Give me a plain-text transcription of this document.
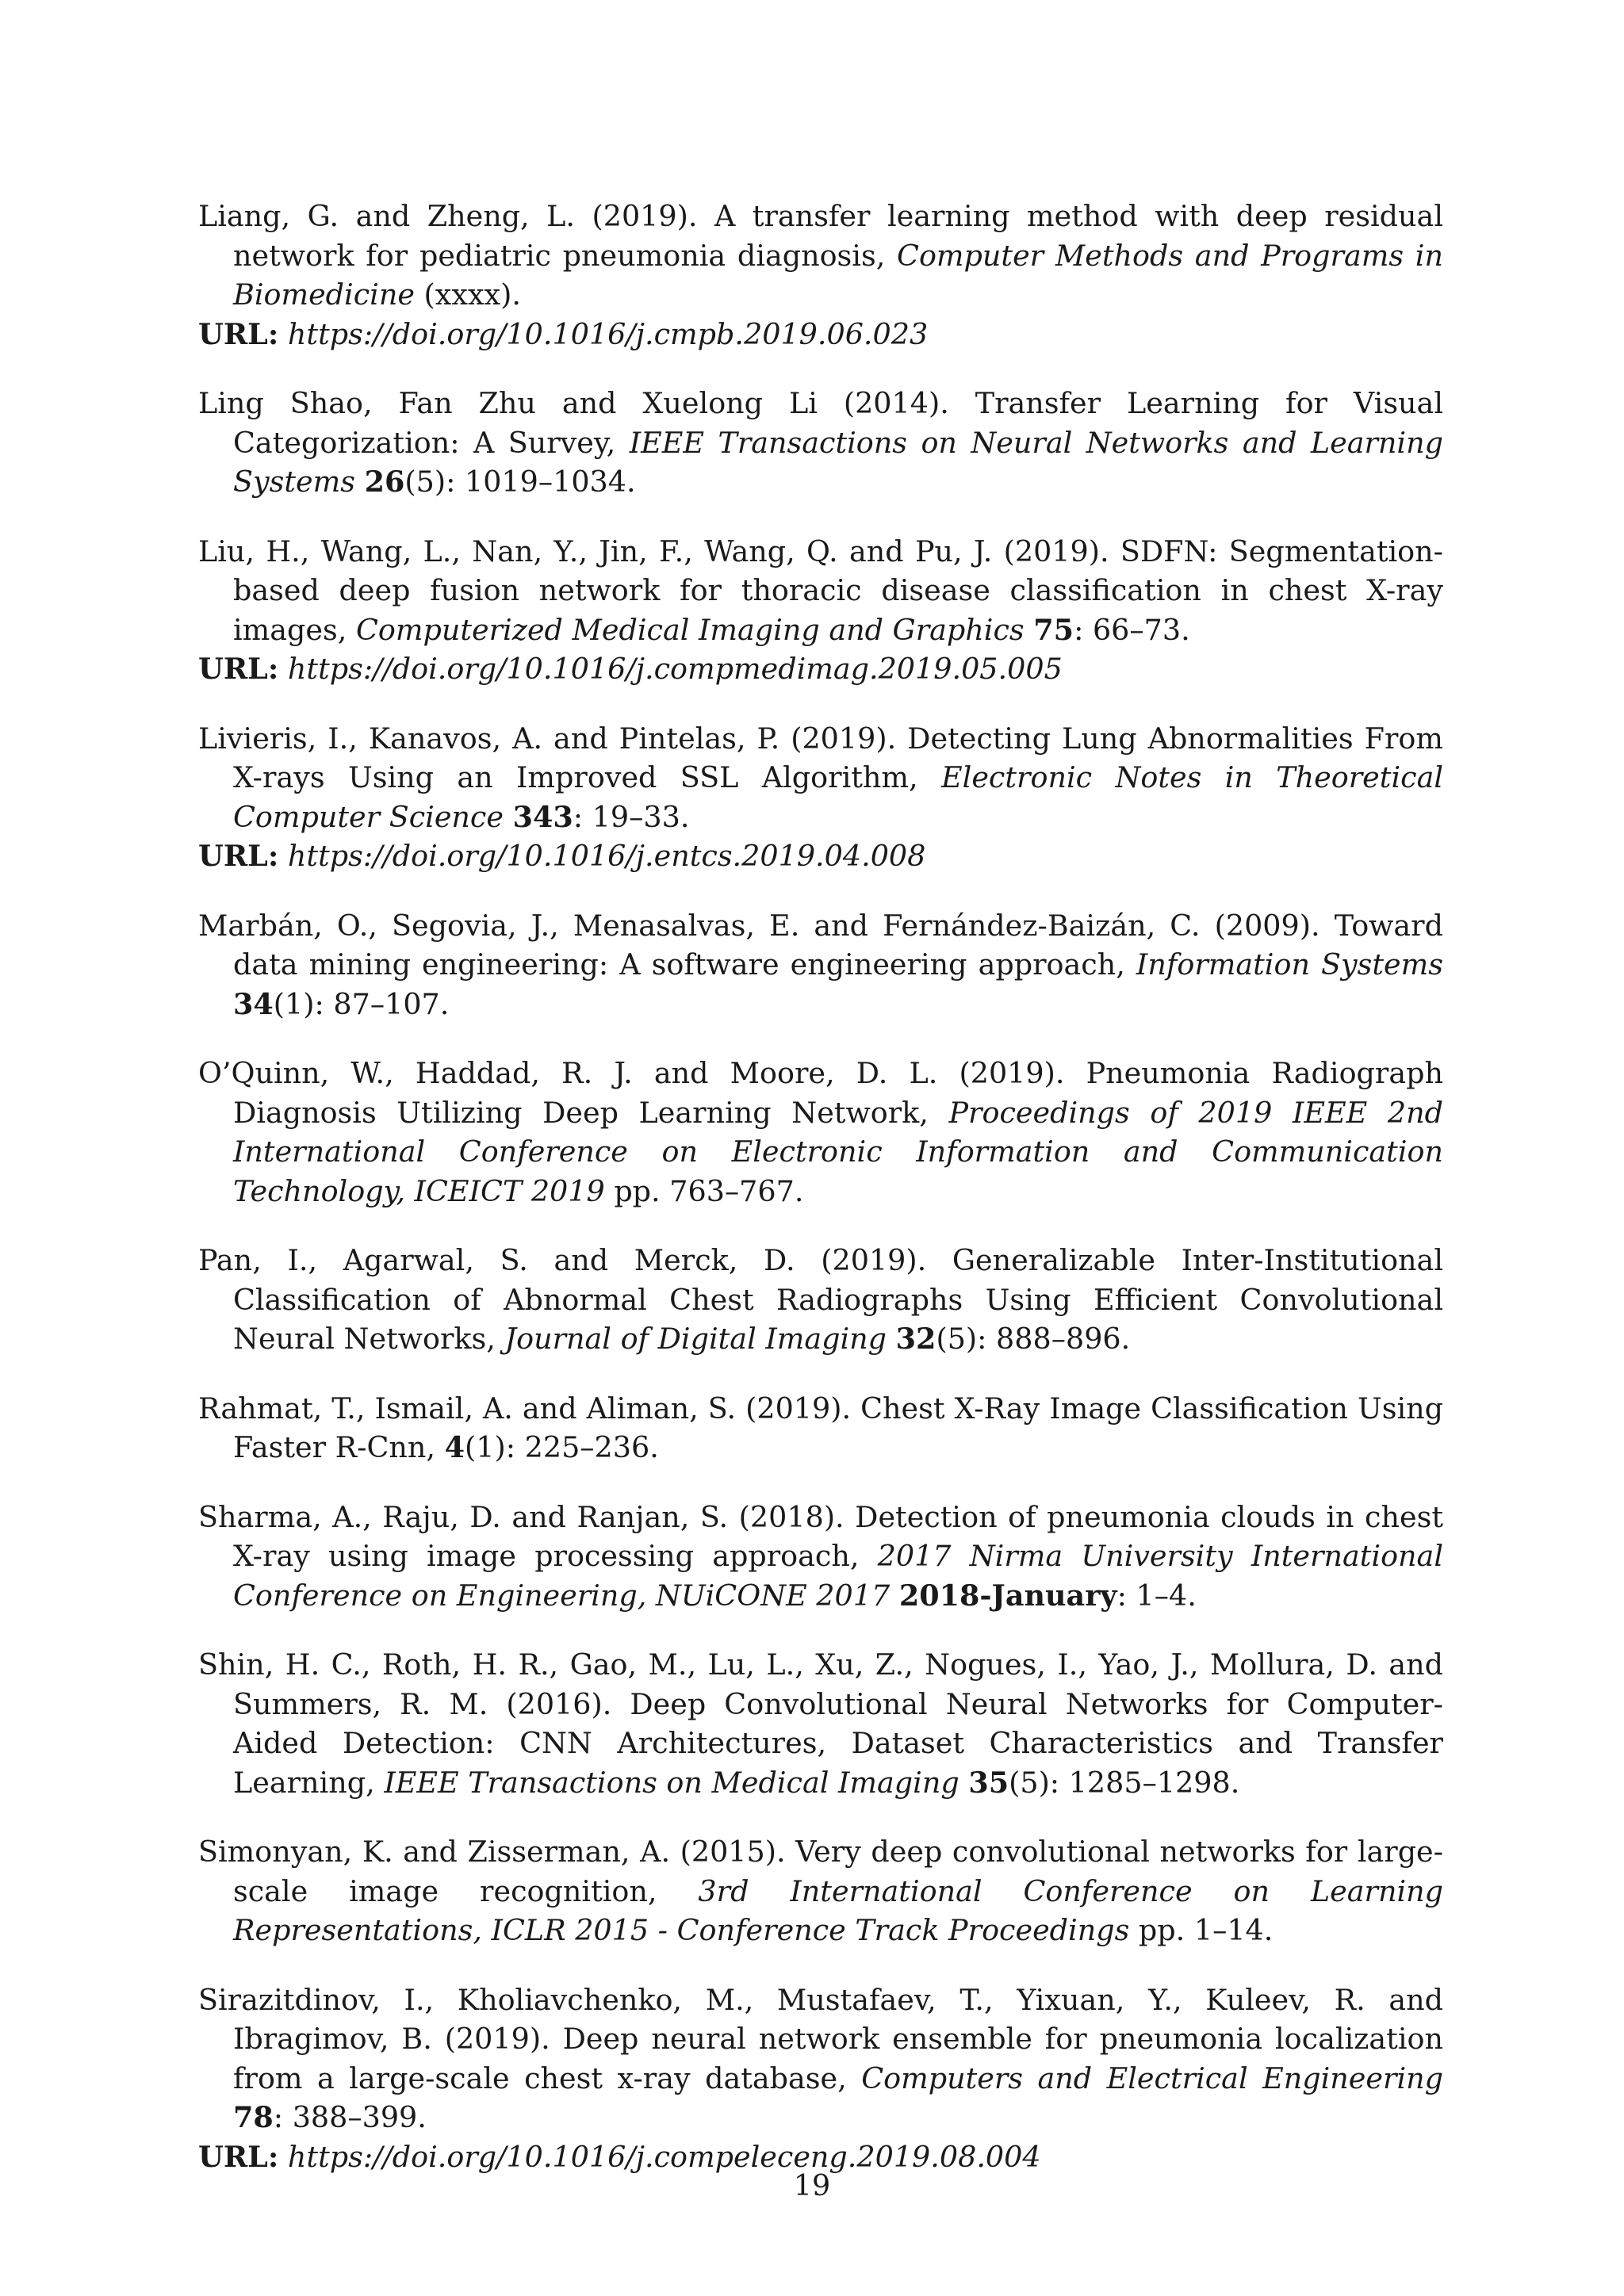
Liang, G. and Zheng, L. (2019). A transfer learning method with deep residual network for pediatric pneumonia diagnosis, Computer Methods and Programs in Biomedicine (xxxx).
URL: https://doi.org/10.1016/j.cmpb.2019.06.023
Ling Shao, Fan Zhu and Xuelong Li (2014). Transfer Learning for Visual Categorization: A Survey, IEEE Transactions on Neural Networks and Learning Systems 26(5): 1019–1034.
Liu, H., Wang, L., Nan, Y., Jin, F., Wang, Q. and Pu, J. (2019). SDFN: Segmentation-based deep fusion network for thoracic disease classification in chest X-ray images, Computerized Medical Imaging and Graphics 75: 66–73.
URL: https://doi.org/10.1016/j.compmedimag.2019.05.005
Livieris, I., Kanavos, A. and Pintelas, P. (2019). Detecting Lung Abnormalities From X-rays Using an Improved SSL Algorithm, Electronic Notes in Theoretical Computer Science 343: 19–33.
URL: https://doi.org/10.1016/j.entcs.2019.04.008
Marbán, O., Segovia, J., Menasalvas, E. and Fernández-Baizán, C. (2009). Toward data mining engineering: A software engineering approach, Information Systems 34(1): 87–107.
O’Quinn, W., Haddad, R. J. and Moore, D. L. (2019). Pneumonia Radiograph Diagnosis Utilizing Deep Learning Network, Proceedings of 2019 IEEE 2nd International Conference on Electronic Information and Communication Technology, ICEICT 2019 pp. 763–767.
Pan, I., Agarwal, S. and Merck, D. (2019). Generalizable Inter-Institutional Classification of Abnormal Chest Radiographs Using Efficient Convolutional Neural Networks, Journal of Digital Imaging 32(5): 888–896.
Rahmat, T., Ismail, A. and Aliman, S. (2019). Chest X-Ray Image Classification Using Faster R-Cnn, 4(1): 225–236.
Sharma, A., Raju, D. and Ranjan, S. (2018). Detection of pneumonia clouds in chest X-ray using image processing approach, 2017 Nirma University International Conference on Engineering, NUiCONE 2017 2018-January: 1–4.
Shin, H. C., Roth, H. R., Gao, M., Lu, L., Xu, Z., Nogues, I., Yao, J., Mollura, D. and Summers, R. M. (2016). Deep Convolutional Neural Networks for Computer-Aided Detection: CNN Architectures, Dataset Characteristics and Transfer Learning, IEEE Transactions on Medical Imaging 35(5): 1285–1298.
Simonyan, K. and Zisserman, A. (2015). Very deep convolutional networks for large-scale image recognition, 3rd International Conference on Learning Representations, ICLR 2015 - Conference Track Proceedings pp. 1–14.
Sirazitdinov, I., Kholiavchenko, M., Mustafaev, T., Yixuan, Y., Kuleev, R. and Ibragimov, B. (2019). Deep neural network ensemble for pneumonia localization from a large-scale chest x-ray database, Computers and Electrical Engineering 78: 388–399.
URL: https://doi.org/10.1016/j.compeleceng.2019.08.004
19
